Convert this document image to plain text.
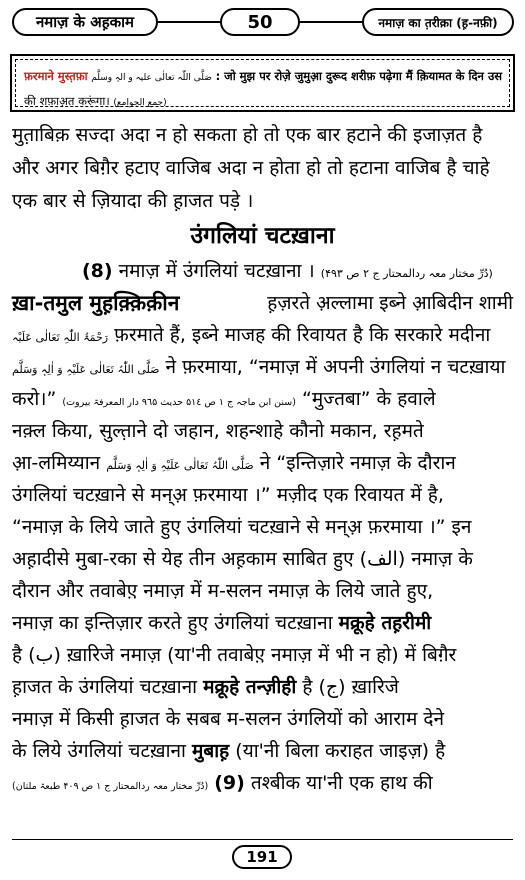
नमाज़ के अह़काम	50	नमाज़ का त़रीक़ा (ह़-नफ़ी)
फ़रमाने मुस्त़फ़ा صَلَّی اللّٰہ تعالٰی علیہ و الہٖ وسلَّم : जो मुझ पर रोज़े जुमुआ़ दुरूद शरीफ़ पढ़ेगा मैं क़ियामत के दिन उस
की शफ़ाअ़त करूंगा। (جمع الجوامع)
मुत़ाबिक़ सज्दा अदा न हो सकता हो तो एक बार हटाने की इजाज़त है
और अगर बिग़ैर हटाए वाजिब अदा न होता हो तो हटाना वाजिब है चाहे
एक बार से ज़ियादा की ह़ाजत पड़े ।
उंगलियां चटख़ाना
(8) नमाज़ में उंगलियां चटख़ाना । (دُرِّ مختار معہ ردالمحتار ج ۲ ص ۴۹۳)
ख़ा-तमुल मुह़क़्क़िक़ीन	ह़ज़रते अ़ल्लामा इब्ने आ़बिदीन शामी
رَحْمَۃُ اللّٰہِ تَعَالٰی عَلَیْہ फ़रमाते हैं, इब्ने माजह की रिवायत है कि सरकारे मदीना
صَلَّی اللّٰہُ تَعَالٰی عَلَیْہِ وَ اٰلِہٖ وَسَلَّم ने फ़रमाया, “नमाज़ में अपनी उंगलियां न चटख़ाया
करो।” (سنن ابن ماجہ ج ۱ ص ۵۱٤ حدیث ۹٦۵ دار المعرفۃ بیروت) “मुज्तबा” के हवाले
नक़्ल किया, सुल्त़ाने दो जहान, शहन्शाहे कौनो मकान, रह़मते
आ़-लमिय्यान صَلَّی اللّٰہُ تَعَالٰی عَلَیْہِ وَ اٰلِہٖ وَسَلَّم ने “इन्तिज़ारे नमाज़ के दौरान
उंगलियां चटख़ाने से मन्अ़ फ़रमाया ।” मज़ीद एक रिवायत में है,
“नमाज़ के लिये जाते हुए उंगलियां चटख़ाने से मन्अ़ फ़रमाया ।” इन
अह़ादीसे मुबा-रका से येह तीन अह़काम साबित हुए (الف) नमाज़ के
दौरान और तवाबेए़ नमाज़ में म-सलन नमाज़ के लिये जाते हुए,
नमाज़ का इन्तिज़ार करते हुए उंगलियां चटख़ाना मक्रूहे तह़रीमी
है (ب) ख़ारिजे नमाज़ (या'नी तवाबेए़ नमाज़ में भी न हो) में बिग़ैर
ह़ाजत के उंगलियां चटख़ाना मक्रूहे तन्ज़ीही है (ج) ख़ारिजे
नमाज़ में किसी ह़ाजत के सबब म-सलन उंगलियों को आराम देने
के लिये उंगलियां चटख़ाना मुबाह़ (या'नी बिला कराहत जाइज़) है
(دُرِّ مختار معہ ردالمحتار ج ۱ ص ۴۰۹ طبعۃ ملتان) (9) तश्बीक या'नी एक हाथ की
191
